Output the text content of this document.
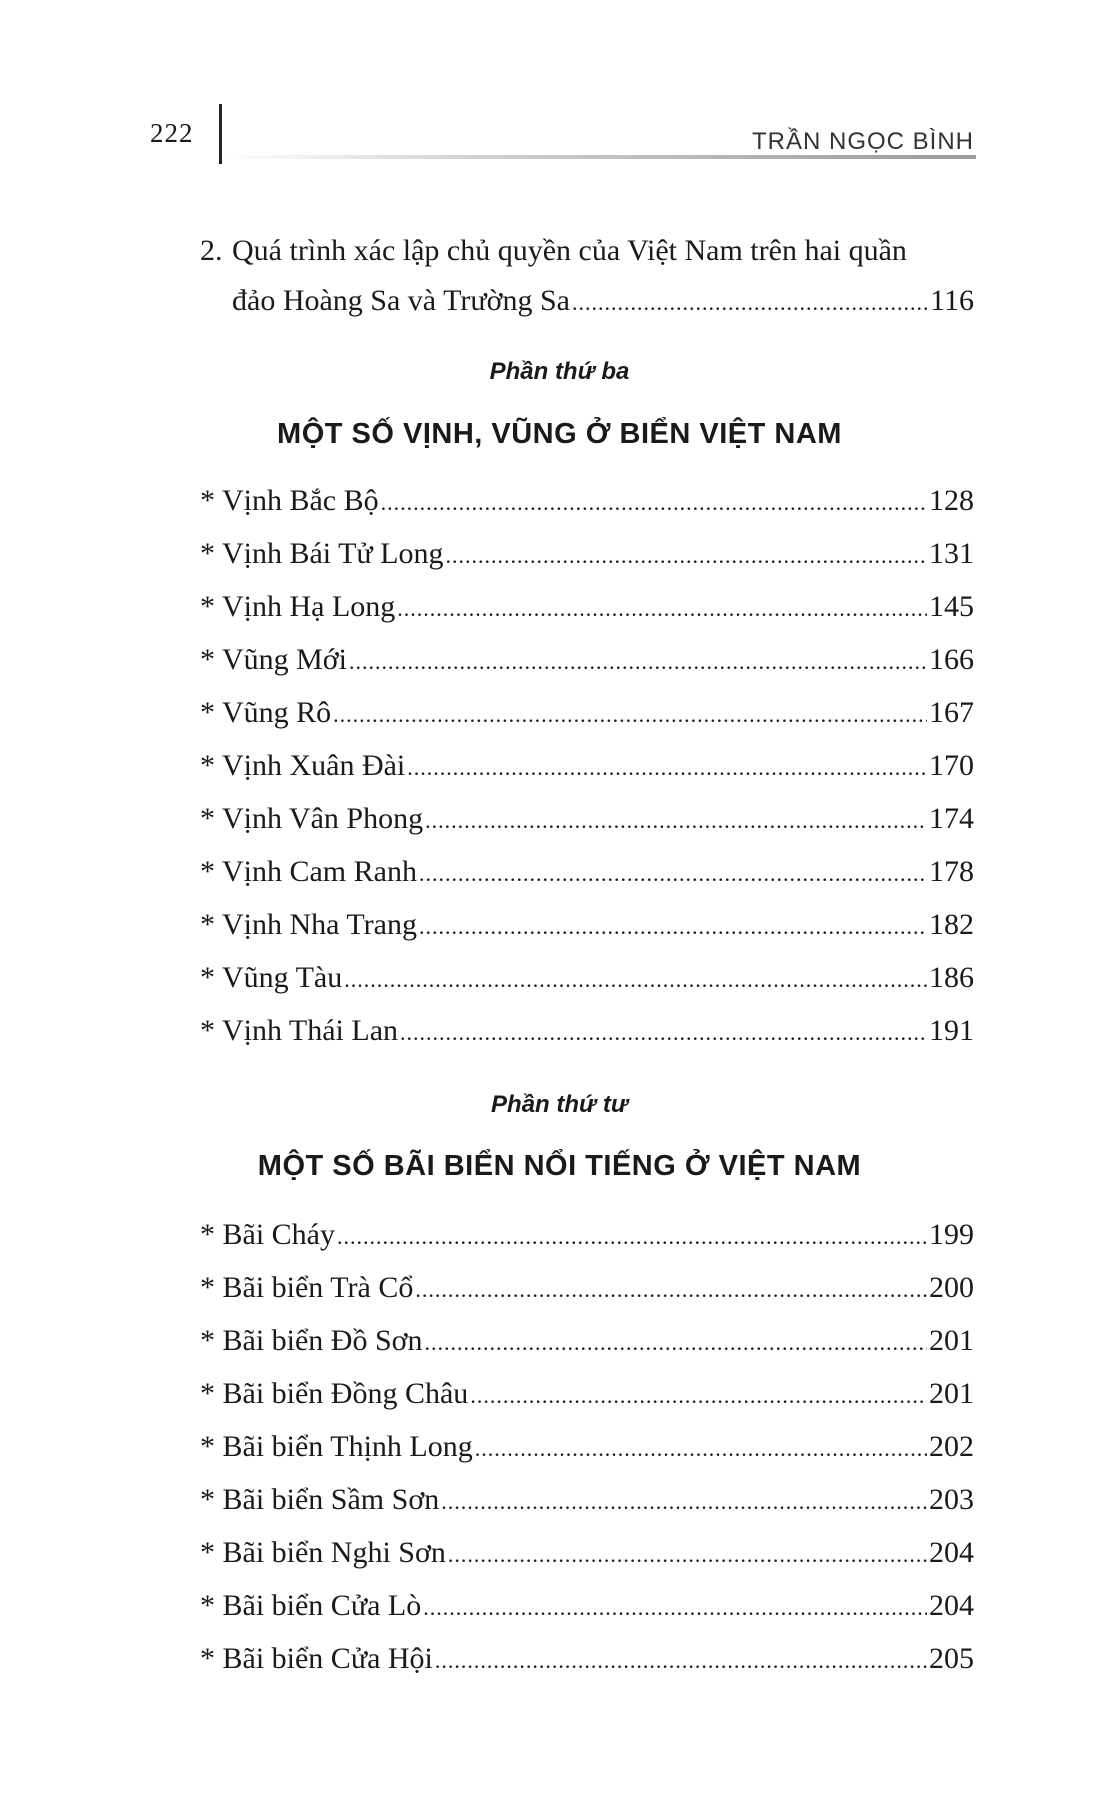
222	TRẦN NGỌC BÌNH
2. Quá trình xác lập chủ quyền của Việt Nam trên hai quần
đảo Hoàng Sa và Trường Sa .....	116
Phần thứ ba
MỘT SỐ VỊNH, VŨNG Ở BIỂN VIỆT NAM
* Vịnh Bắc Bộ .....	128
* Vịnh Bái Tử Long .....	131
* Vịnh Hạ Long .....	145
* Vũng Mới .....	166
* Vũng Rô .....	167
* Vịnh Xuân Đài .....	170
* Vịnh Vân Phong .....	174
* Vịnh Cam Ranh .....	178
* Vịnh Nha Trang .....	182
* Vũng Tàu .....	186
* Vịnh Thái Lan .....	191
Phần thứ tư
MỘT SỐ BÃI BIỂN NỔI TIẾNG Ở VIỆT NAM
* Bãi Cháy .....	199
* Bãi biển Trà Cổ .....	200
* Bãi biển Đồ Sơn .....	201
* Bãi biển Đồng Châu .....	201
* Bãi biển Thịnh Long .....	202
* Bãi biển Sầm Sơn .....	203
* Bãi biển Nghi Sơn .....	204
* Bãi biển Cửa Lò .....	204
* Bãi biển Cửa Hội .....	205
